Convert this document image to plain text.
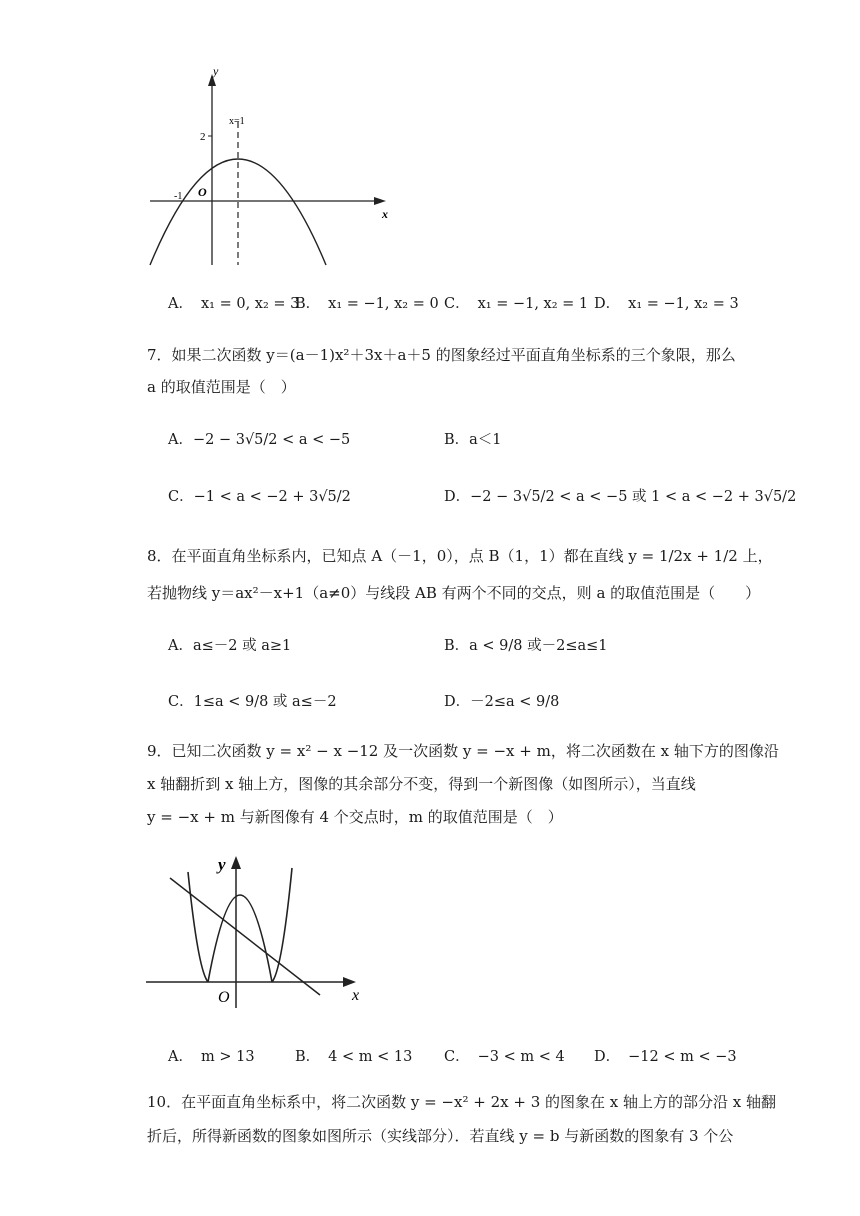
y
x
2
x=1
-1 O
A． x₁ = 0, x₂ = 3
B． x₁ = −1, x₂ = 0 C． x₁ = −1, x₂ = 1 D． x₁ = −1, x₂ = 3
7．如果二次函数 y＝(a－1)x²＋3x＋a＋5 的图象经过平面直角坐标系的三个象限，那么
a 的取值范围是（　）
A．−2 − 3√5/2 < a < −5	B．a＜1
C．−1 < a < −2 + 3√5/2	D．−2 − 3√5/2 < a < −5 或 1 < a < −2 + 3√5/2
8．在平面直角坐标系内，已知点 A（－1，0），点 B（1，1）都在直线 y = 1/2x + 1/2 上，
若抛物线 y＝ax²－x+1（a≠0）与线段 AB 有两个不同的交点，则 a 的取值范围是（　　）
A．a≤－2 或 a≥1	B．a < 9/8 或－2≤a≤1
C．1≤a < 9/8 或 a≤－2	D．－2≤a < 9/8
9．已知二次函数 y = x² − x −12 及一次函数 y = −x + m，将二次函数在 x 轴下方的图像沿
x 轴翻折到 x 轴上方，图像的其余部分不变，得到一个新图像（如图所示），当直线
y = −x + m 与新图像有 4 个交点时，m 的取值范围是（　）
y
x
O
A． m > 13	B． 4 < m < 13 C． −3 < m < 4 D． −12 < m < −3
10．在平面直角坐标系中，将二次函数 y = −x² + 2x + 3 的图象在 x 轴上方的部分沿 x 轴翻
折后，所得新函数的图象如图所示（实线部分）．若直线 y = b 与新函数的图象有 3 个公
